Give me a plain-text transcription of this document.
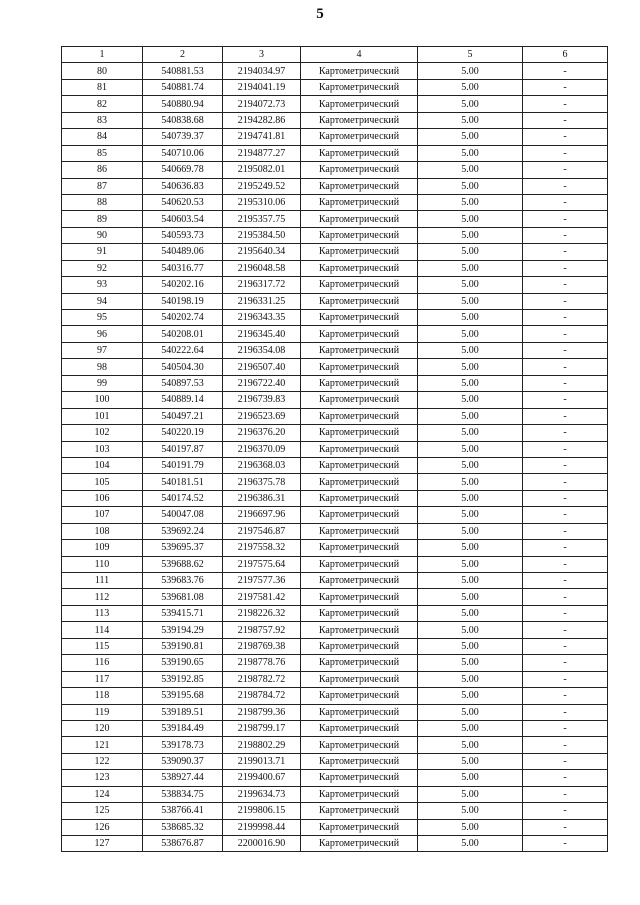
5
1	2	3	4	5	6
80	540881.53	2194034.97	Картометрический	5.00	-
81	540881.74	2194041.19	Картометрический	5.00	-
82	540880.94	2194072.73	Картометрический	5.00	-
83	540838.68	2194282.86	Картометрический	5.00	-
84	540739.37	2194741.81	Картометрический	5.00	-
85	540710.06	2194877.27	Картометрический	5.00	-
86	540669.78	2195082.01	Картометрический	5.00	-
87	540636.83	2195249.52	Картометрический	5.00	-
88	540620.53	2195310.06	Картометрический	5.00	-
89	540603.54	2195357.75	Картометрический	5.00	-
90	540593.73	2195384.50	Картометрический	5.00	-
91	540489.06	2195640.34	Картометрический	5.00	-
92	540316.77	2196048.58	Картометрический	5.00	-
93	540202.16	2196317.72	Картометрический	5.00	-
94	540198.19	2196331.25	Картометрический	5.00	-
95	540202.74	2196343.35	Картометрический	5.00	-
96	540208.01	2196345.40	Картометрический	5.00	-
97	540222.64	2196354.08	Картометрический	5.00	-
98	540504.30	2196507.40	Картометрический	5.00	-
99	540897.53	2196722.40	Картометрический	5.00	-
100	540889.14	2196739.83	Картометрический	5.00	-
101	540497.21	2196523.69	Картометрический	5.00	-
102	540220.19	2196376.20	Картометрический	5.00	-
103	540197.87	2196370.09	Картометрический	5.00	-
104	540191.79	2196368.03	Картометрический	5.00	-
105	540181.51	2196375.78	Картометрический	5.00	-
106	540174.52	2196386.31	Картометрический	5.00	-
107	540047.08	2196697.96	Картометрический	5.00	-
108	539692.24	2197546.87	Картометрический	5.00	-
109	539695.37	2197558.32	Картометрический	5.00	-
110	539688.62	2197575.64	Картометрический	5.00	-
111	539683.76	2197577.36	Картометрический	5.00	-
112	539681.08	2197581.42	Картометрический	5.00	-
113	539415.71	2198226.32	Картометрический	5.00	-
114	539194.29	2198757.92	Картометрический	5.00	-
115	539190.81	2198769.38	Картометрический	5.00	-
116	539190.65	2198778.76	Картометрический	5.00	-
117	539192.85	2198782.72	Картометрический	5.00	-
118	539195.68	2198784.72	Картометрический	5.00	-
119	539189.51	2198799.36	Картометрический	5.00	-
120	539184.49	2198799.17	Картометрический	5.00	-
121	539178.73	2198802.29	Картометрический	5.00	-
122	539090.37	2199013.71	Картометрический	5.00	-
123	538927.44	2199400.67	Картометрический	5.00	-
124	538834.75	2199634.73	Картометрический	5.00	-
125	538766.41	2199806.15	Картометрический	5.00	-
126	538685.32	2199998.44	Картометрический	5.00	-
127	538676.87	2200016.90	Картометрический	5.00	-
